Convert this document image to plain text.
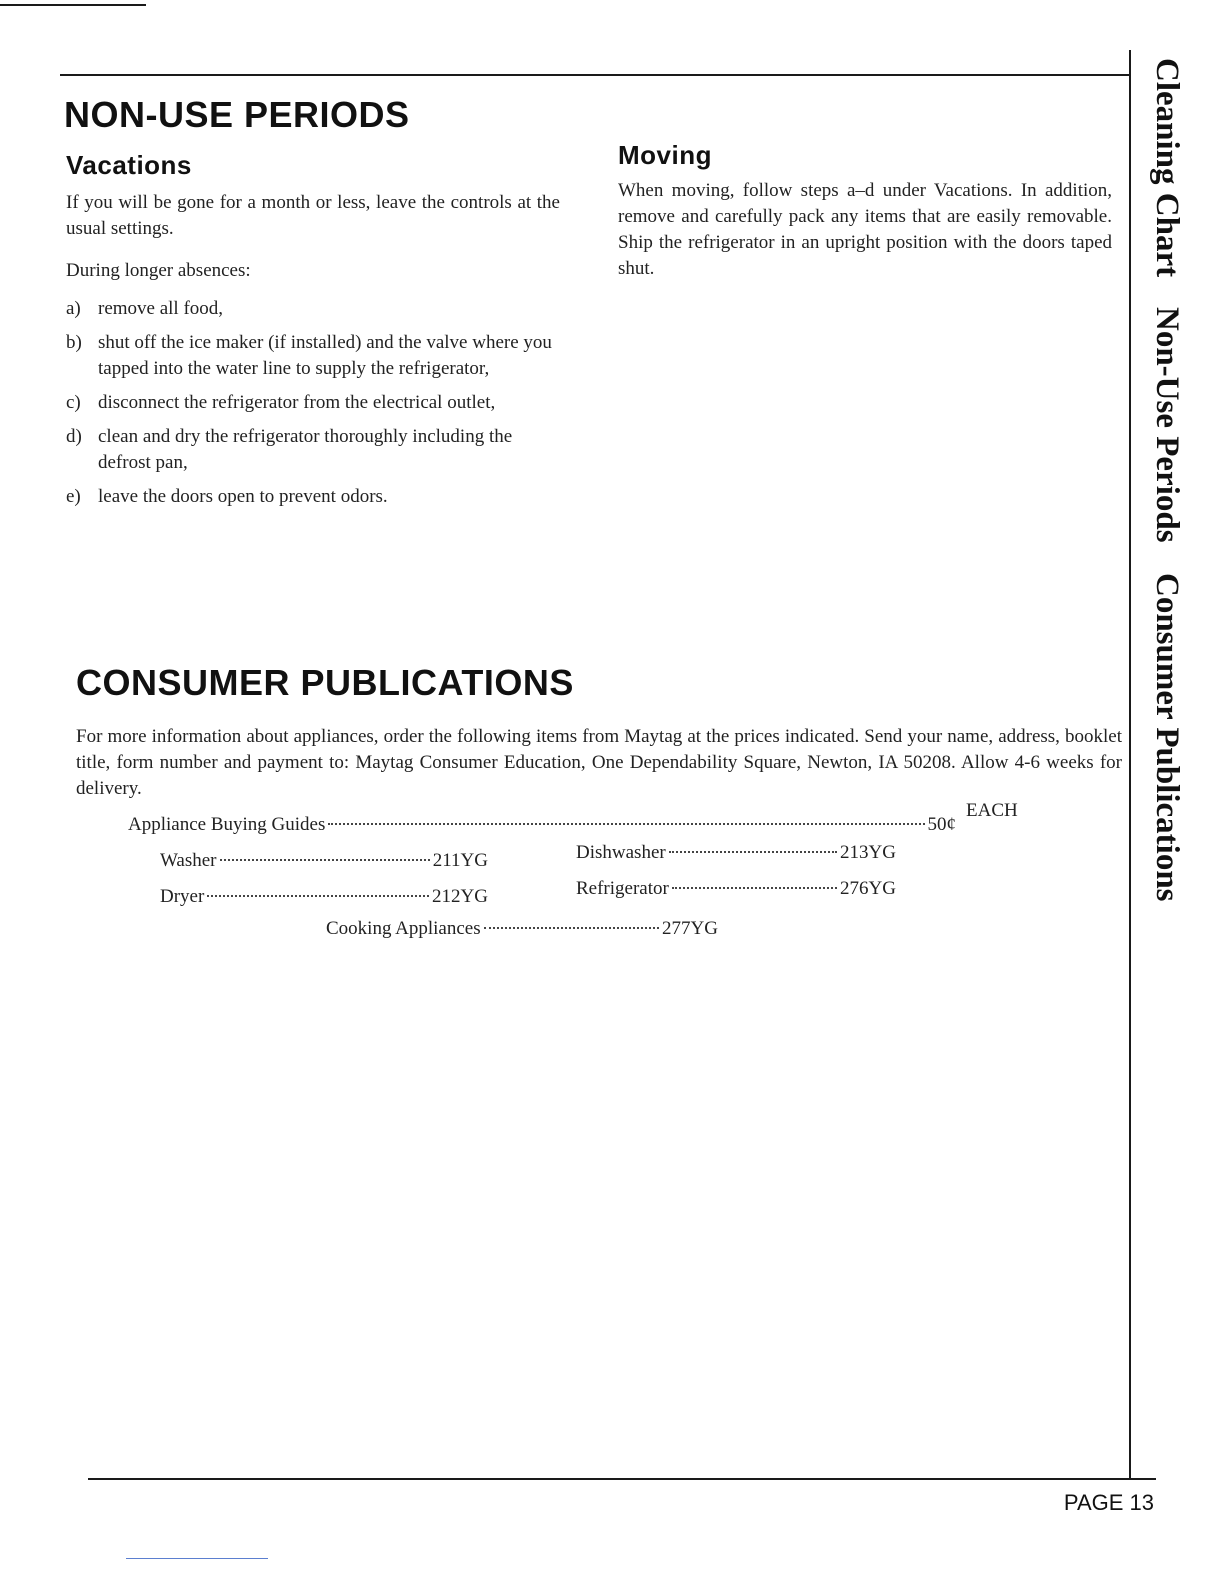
NON-USE PERIODS
Vacations

If you will be gone for a month or less, leave the controls at the usual settings.

During longer absences:

a) remove all food,
b) shut off the ice maker (if installed) and the valve where you tapped into the water line to supply the refrigerator,
c) disconnect the refrigerator from the electrical outlet,
d) clean and dry the refrigerator thoroughly including the defrost pan,
e) leave the doors open to prevent odors.
Moving

When moving, follow steps a–d under Vacations. In addition, remove and carefully pack any items that are easily removable. Ship the refrigerator in an upright position with the doors taped shut.

CONSUMER PUBLICATIONS

For more information about appliances, order the following items from Maytag at the prices indicated. Send your name, address, booklet title, form number and payment to: Maytag Consumer Education, One Dependability Square, Newton, IA 50208. Allow 4-6 weeks for delivery.

Appliance Buying Guides	50¢
EACH
Washer	211YG	Dishwasher	213YG
Dryer	212YG	Refrigerator	276YG
Cooking Appliances	277YG
Cleaning Chart Non-Use Periods Consumer Publications
PAGE 13
